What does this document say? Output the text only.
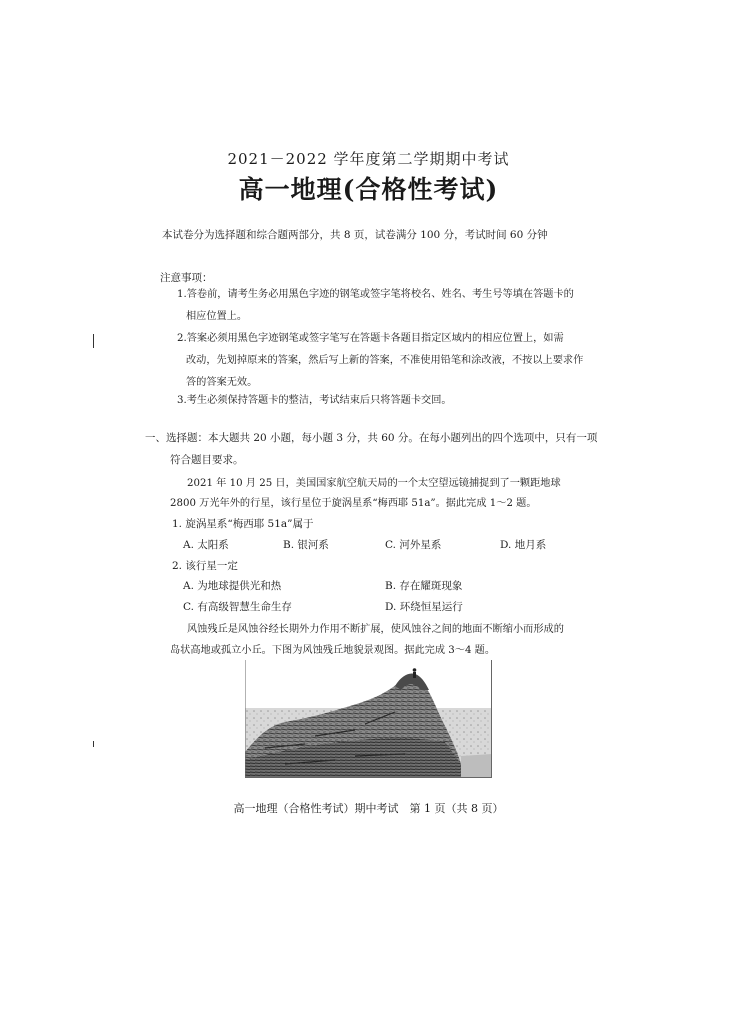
2021－2022 学年度第二学期期中考试
高一地理(合格性考试)
本试卷分为选择题和综合题两部分，共 8 页，试卷满分 100 分，考试时间 60 分钟
注意事项：
1.答卷前，请考生务必用黑色字迹的钢笔或签字笔将校名、姓名、考生号等填在答题卡的
相应位置上。
2.答案必须用黑色字迹钢笔或签字笔写在答题卡各题目指定区域内的相应位置上，如需
改动，先划掉原来的答案，然后写上新的答案，不准使用铅笔和涂改液，不按以上要求作
答的答案无效。
3.考生必须保持答题卡的整洁，考试结束后只将答题卡交回。
一、选择题：本大题共 20 小题，每小题 3 分，共 60 分。在每小题列出的四个选项中，只有一项
符合题目要求。
2021 年 10 月 25 日，美国国家航空航天局的一个太空望远镜捕捉到了一颗距地球
2800 万光年外的行星，该行星位于旋涡星系“梅西耶 51a”。据此完成 1～2 题。
1. 旋涡星系“梅西耶 51a”属于
A. 太阳系	B. 银河系	C. 河外星系	D. 地月系
2. 该行星一定
A. 为地球提供光和热	B. 存在耀斑现象
C. 有高级智慧生命生存	D. 环绕恒星运行
风蚀残丘是风蚀谷经长期外力作用不断扩展，使风蚀谷之间的地面不断缩小而形成的
岛状高地或孤立小丘。下图为风蚀残丘地貌景观图。据此完成 3～4 题。
高一地理（合格性考试）期中考试　第 1 页（共 8 页）
